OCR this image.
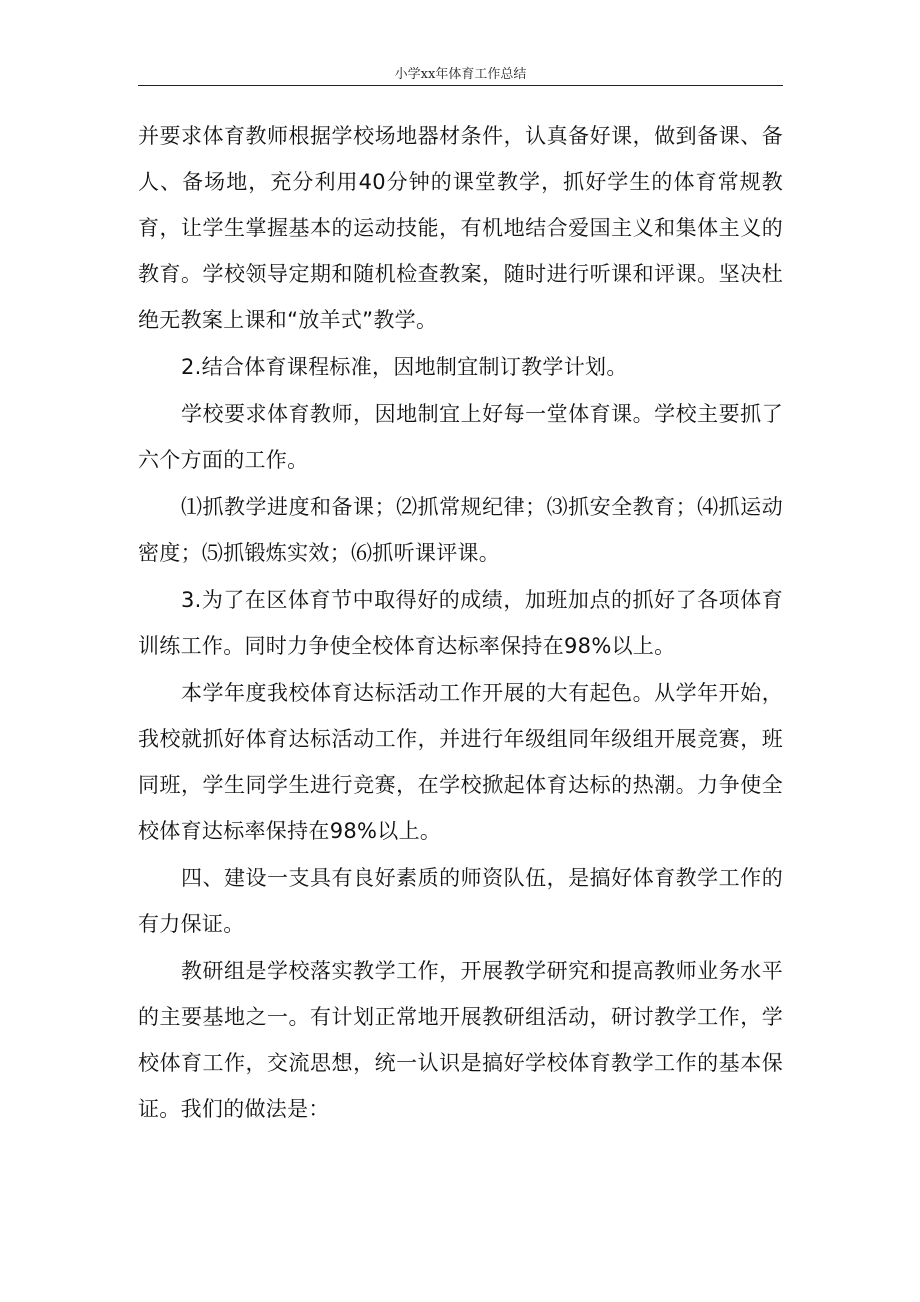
小学xx年体育工作总结

并要求体育教师根据学校场地器材条件，认真备好课，做到备课、备人、备场地，充分利用40分钟的课堂教学，抓好学生的体育常规教育，让学生掌握基本的运动技能，有机地结合爱国主义和集体主义的教育。学校领导定期和随机检查教案，随时进行听课和评课。坚决杜绝无教案上课和“放羊式”教学。

2.结合体育课程标准，因地制宜制订教学计划。

学校要求体育教师，因地制宜上好每一堂体育课。学校主要抓了六个方面的工作。

⑴抓教学进度和备课；⑵抓常规纪律；⑶抓安全教育；⑷抓运动密度；⑸抓锻炼实效；⑹抓听课评课。

3.为了在区体育节中取得好的成绩，加班加点的抓好了各项体育训练工作。同时力争使全校体育达标率保持在98%以上。

本学年度我校体育达标活动工作开展的大有起色。从学年开始，我校就抓好体育达标活动工作，并进行年级组同年级组开展竞赛，班同班，学生同学生进行竞赛，在学校掀起体育达标的热潮。力争使全校体育达标率保持在98%以上。

四、建设一支具有良好素质的师资队伍，是搞好体育教学工作的有力保证。

教研组是学校落实教学工作，开展教学研究和提高教师业务水平的主要基地之一。有计划正常地开展教研组活动，研讨教学工作，学校体育工作，交流思想，统一认识是搞好学校体育教学工作的基本保证。我们的做法是：
